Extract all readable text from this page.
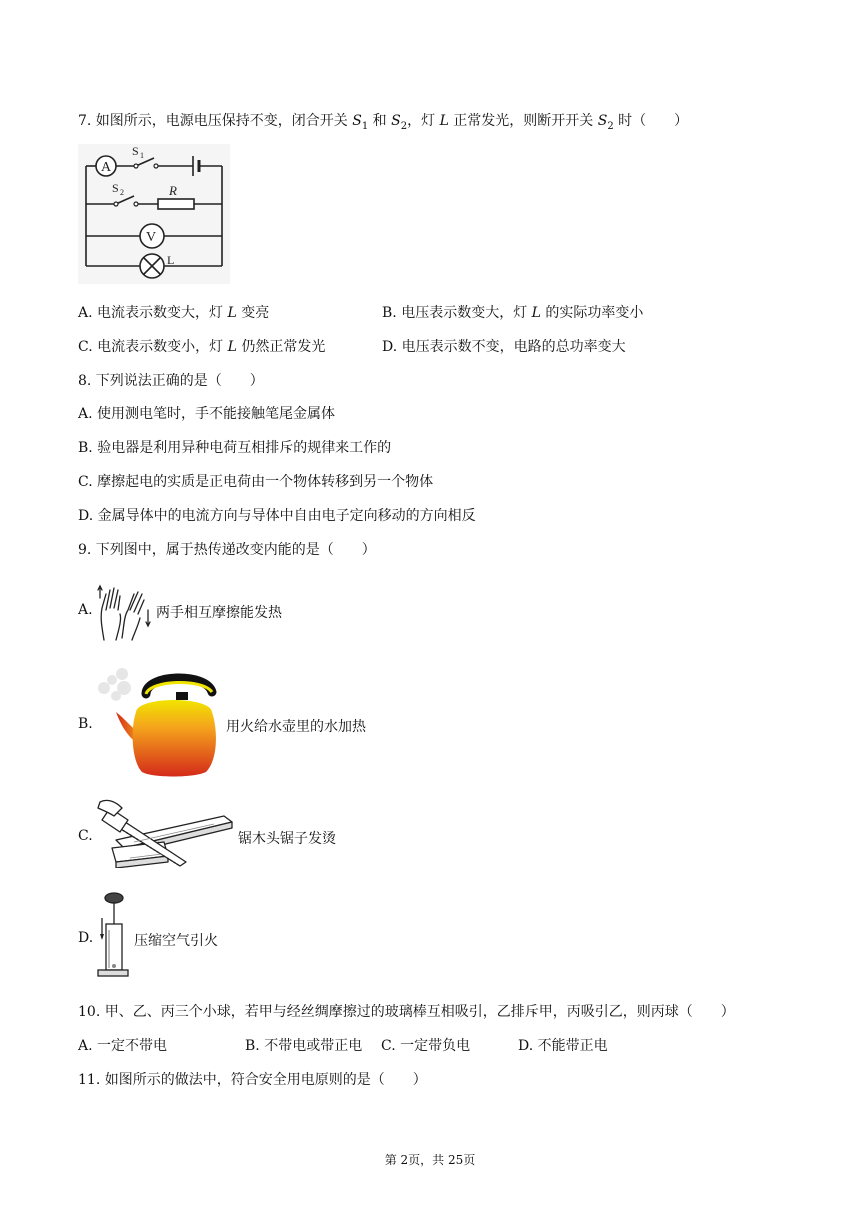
7. 如图所示，电源电压保持不变，闭合开关 $S_1$ 和 $S_2$，灯 L 正常发光，则断开开关 $S_2$ 时（　　）
A
V
S 1
S 2	R
L
A. 电流表示数变大，灯 L 变亮	B. 电压表示数变大，灯 L 的实际功率变小
C. 电流表示数变小，灯 L 仍然正常发光	D. 电压表示数不变，电路的总功率变大
8. 下列说法正确的是（　　）
A. 使用测电笔时，手不能接触笔尾金属体
B. 验电器是利用异种电荷互相排斥的规律来工作的
C. 摩擦起电的实质是正电荷由一个物体转移到另一个物体
D. 金属导体中的电流方向与导体中自由电子定向移动的方向相反
9. 下列图中，属于热传递改变内能的是（　　）
A.	两手相互摩擦能发热
B.	用火给水壶里的水加热
C.	锯木头锯子发烫
D.	压缩空气引火
10. 甲、乙、丙三个小球，若甲与经丝绸摩擦过的玻璃棒互相吸引，乙排斥甲，丙吸引乙，则丙球（　　）
A. 一定不带电	B. 不带电或带正电 C. 一定带负电	D. 不能带正电
11. 如图所示的做法中，符合安全用电原则的是（　　）
第 2页，共 25页
